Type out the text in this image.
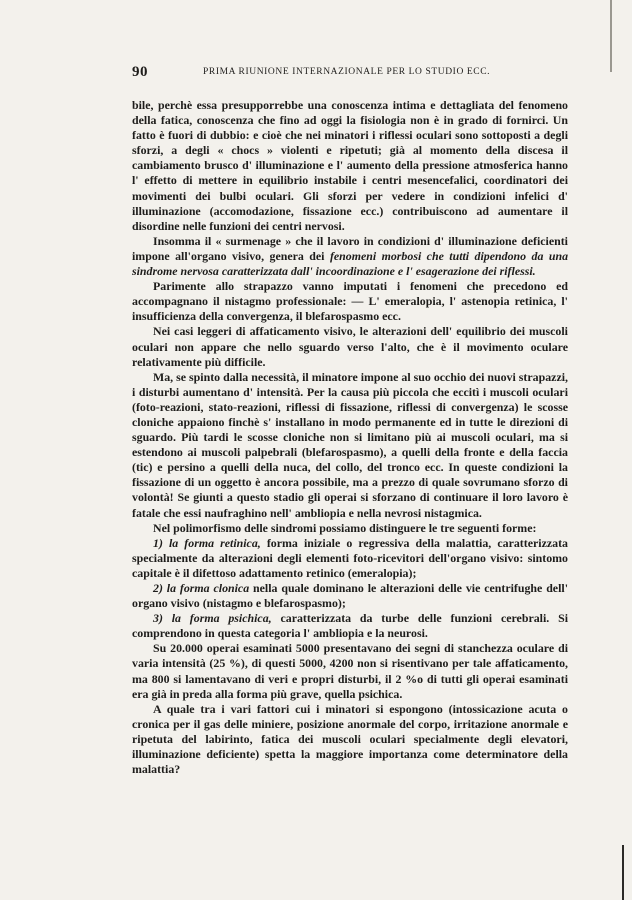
90	PRIMA RIUNIONE INTERNAZIONALE PER LO STUDIO ECC.

bile, perchè essa presupporrebbe una conoscenza intima e dettagliata del fenomeno della fatica, conoscenza che fino ad oggi la fisiologia non è in grado di fornirci. Un fatto è fuori di dubbio: e cioè che nei minatori i riflessi oculari sono sottoposti a degli sforzi, a degli « chocs » violenti e ripetuti; già al momento della discesa il cambiamento brusco d' illuminazione e l' aumento della pressione atmosferica hanno l' effetto di mettere in equilibrio instabile i centri mesencefalici, coordinatori dei movimenti dei bulbi oculari. Gli sforzi per vedere in condizioni infelici d' illuminazione (accomodazione, fissazione ecc.) contribuiscono ad aumentare il disordine nelle funzioni dei centri nervosi.

Insomma il « surmenage » che il lavoro in condizioni d' illuminazione deficienti impone all'organo visivo, genera dei fenomeni morbosi che tutti dipendono da una sindrome nervosa caratterizzata dall' incoordinazione e l' esagerazione dei riflessi.

Parimente allo strapazzo vanno imputati i fenomeni che precedono ed accompagnano il nistagmo professionale: — L' emeralopia, l' astenopia retinica, l' insufficienza della convergenza, il blefarospasmo ecc.

Nei casi leggeri di affaticamento visivo, le alterazioni dell' equilibrio dei muscoli oculari non appare che nello sguardo verso l'alto, che è il movimento oculare relativamente più difficile.

Ma, se spinto dalla necessità, il minatore impone al suo occhio dei nuovi strapazzi, i disturbi aumentano d' intensità. Per la causa più piccola che eccitì i muscoli oculari (foto-reazioni, stato-reazioni, riflessi di fissazione, riflessi di convergenza) le scosse cloniche appaiono finchè s' installano in modo permanente ed in tutte le direzioni di sguardo. Più tardi le scosse cloniche non si limitano più ai muscoli oculari, ma si estendono ai muscoli palpebrali (blefarospasmo), a quelli della fronte e della faccia (tic) e persino a quelli della nuca, del collo, del tronco ecc. In queste condizioni la fissazione di un oggetto è ancora possibile, ma a prezzo di quale sovrumano sforzo di volontà! Se giunti a questo stadio gli operai si sforzano di continuare il loro lavoro è fatale che essi naufraghino nell' ambliopia e nella nevrosi nistagmica.

Nel polimorfismo delle sindromi possiamo distinguere le tre seguenti forme:

1) la forma retinica, forma iniziale o regressiva della malattia, caratterizzata specialmente da alterazioni degli elementi foto-ricevitori dell'organo visivo: sintomo capitale è il difettoso adattamento retinico (emeralopia);

2) la forma clonica nella quale dominano le alterazioni delle vie centrifughe dell' organo visivo (nistagmo e blefarospasmo);

3) la forma psichica, caratterizzata da turbe delle funzioni cerebrali. Si comprendono in questa categoria l' ambliopia e la neurosi.

Su 20.000 operai esaminati 5000 presentavano dei segni di stanchezza oculare di varia intensità (25 %), di questi 5000, 4200 non si risentivano per tale affaticamento, ma 800 si lamentavano di veri e propri disturbi, il 2 %o di tutti gli operai esaminati era già in preda alla forma più grave, quella psichica.

A quale tra i vari fattori cui i minatori si espongono (intossicazione acuta o cronica per il gas delle miniere, posizione anormale del corpo, irritazione anormale e ripetuta del labirinto, fatica dei muscoli oculari specialmente degli elevatori, illuminazione deficiente) spetta la maggiore importanza come determinatore della malattia?
